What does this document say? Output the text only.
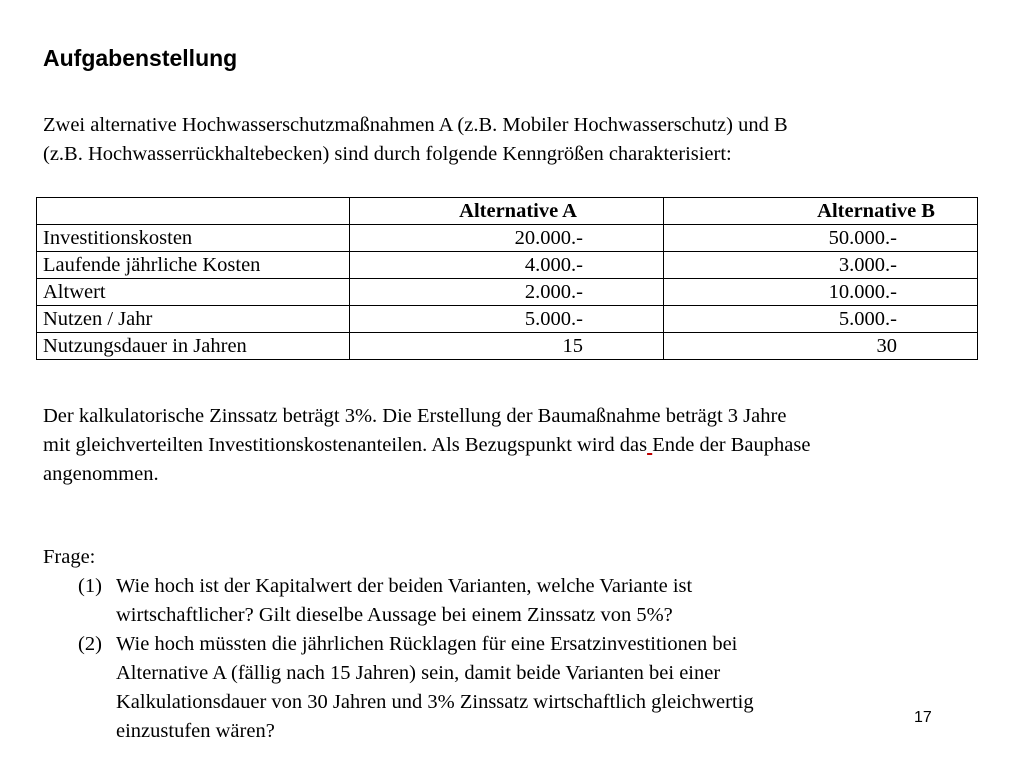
Aufgabenstellung
Zwei alternative Hochwasserschutzmaßnahmen A (z.B. Mobiler Hochwasserschutz) und B
(z.B. Hochwasserrückhaltebecken) sind durch folgende Kenngrößen charakterisiert:
	Alternative A	Alternative B
Investitionskosten	20.000.-	50.000.-
Laufende jährliche Kosten	4.000.-	3.000.-
Altwert	2.000.-	10.000.-
Nutzen / Jahr	5.000.-	5.000.-
Nutzungsdauer in Jahren	15	30
Der kalkulatorische Zinssatz beträgt 3%. Die Erstellung der Baumaßnahme beträgt 3 Jahre
mit gleichverteilten Investitionskostenanteilen. Als Bezugspunkt wird das Ende der Bauphase
angenommen.
Frage:
(1) Wie hoch ist der Kapitalwert der beiden Varianten, welche Variante ist
wirtschaftlicher? Gilt dieselbe Aussage bei einem Zinssatz von 5%?
(2) Wie hoch müssten die jährlichen Rücklagen für eine Ersatzinvestitionen bei
Alternative A (fällig nach 15 Jahren) sein, damit beide Varianten bei einer
Kalkulationsdauer von 30 Jahren und 3% Zinssatz wirtschaftlich gleichwertig
einzustufen wären?
17
